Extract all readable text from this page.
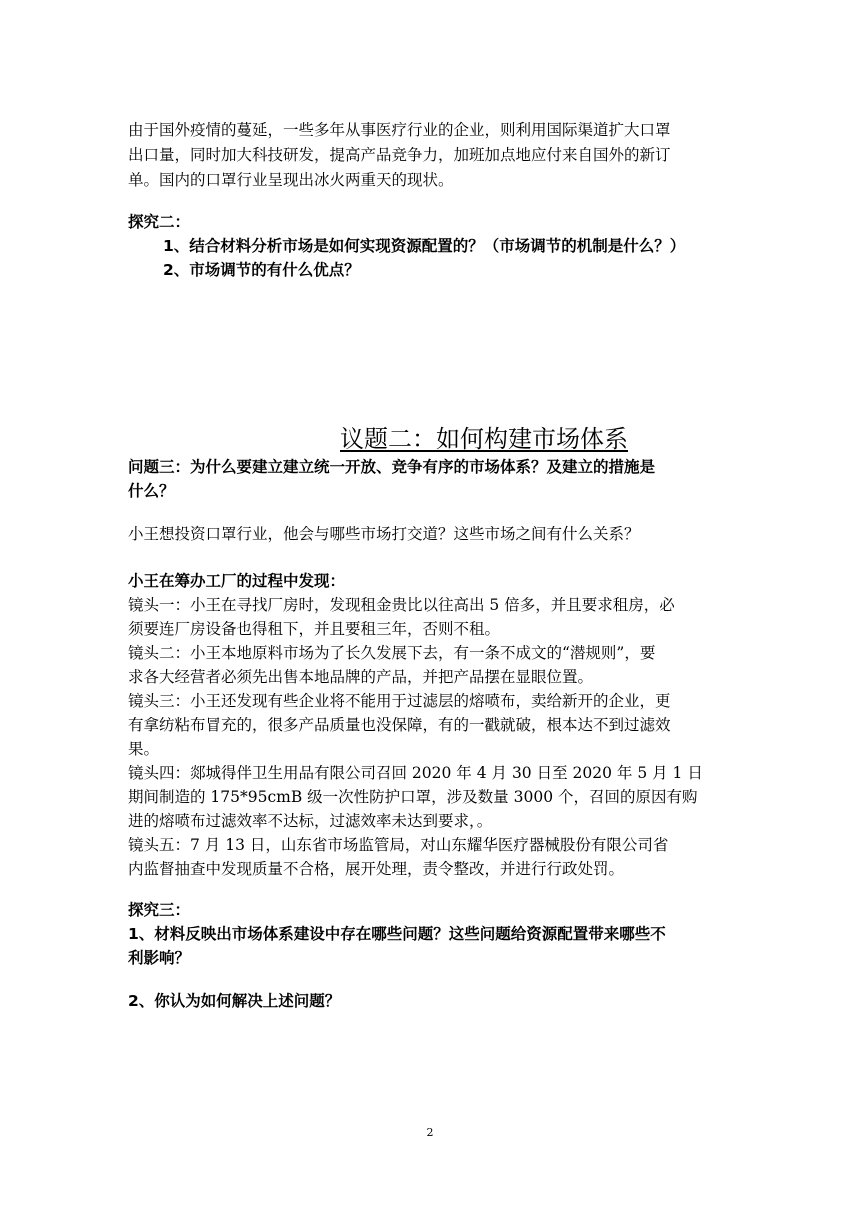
由于国外疫情的蔓延，一些多年从事医疗行业的企业，则利用国际渠道扩大口罩
出口量，同时加大科技研发，提高产品竞争力，加班加点地应付来自国外的新订
单。国内的口罩行业呈现出冰火两重天的现状。
探究二：
1、结合材料分析市场是如何实现资源配置的？（市场调节的机制是什么？）
2、市场调节的有什么优点？
议题二：如何构建市场体系
问题三：为什么要建立建立统一开放、竞争有序的市场体系？及建立的措施是
什么？
小王想投资口罩行业，他会与哪些市场打交道？这些市场之间有什么关系？
小王在筹办工厂的过程中发现：
镜头一：小王在寻找厂房时，发现租金贵比以往高出 5 倍多，并且要求租房，必
须要连厂房设备也得租下，并且要租三年，否则不租。
镜头二：小王本地原料市场为了长久发展下去，有一条不成文的“潜规则”，要
求各大经营者必须先出售本地品牌的产品，并把产品摆在显眼位置。
镜头三：小王还发现有些企业将不能用于过滤层的熔喷布，卖给新开的企业，更
有拿纺粘布冒充的，很多产品质量也没保障，有的一戳就破，根本达不到过滤效
果。
镜头四：郯城得伴卫生用品有限公司召回 2020 年 4 月 30 日至 2020 年 5 月 1 日
期间制造的 175*95cmB 级一次性防护口罩，涉及数量 3000 个，召回的原因有购
进的熔喷布过滤效率不达标，过滤效率未达到要求，。
镜头五：7 月 13 日，山东省市场监管局，对山东耀华医疗器械股份有限公司省
内监督抽查中发现质量不合格，展开处理，责令整改，并进行行政处罚。
探究三：
1、材料反映出市场体系建设中存在哪些问题？这些问题给资源配置带来哪些不
利影响？
2、你认为如何解决上述问题？
2
